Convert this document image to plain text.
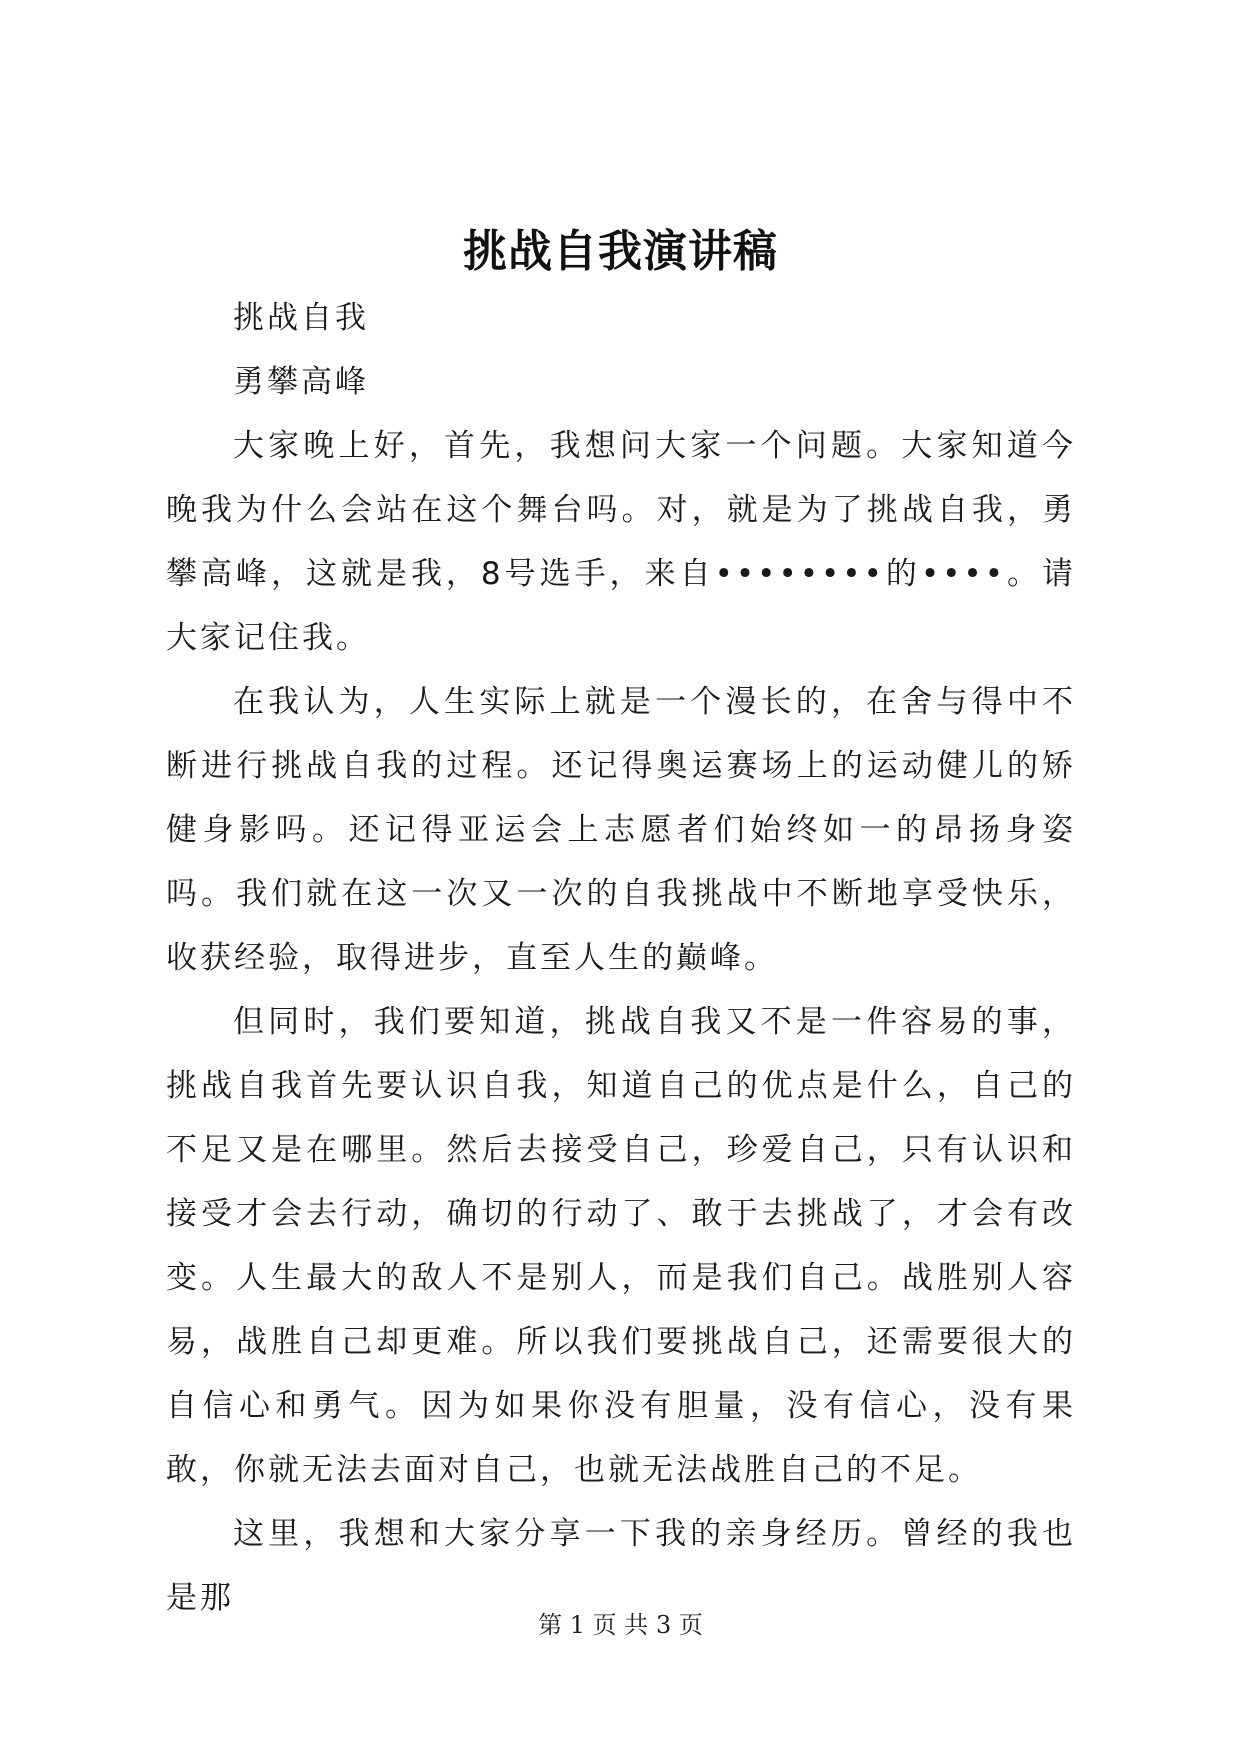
挑战自我演讲稿

挑战自我

勇攀高峰

大家晚上好，首先，我想问大家一个问题。大家知道今晚我为什么会站在这个舞台吗。对，就是为了挑战自我，勇攀高峰，这就是我，8号选手，来自••••••••的••••。请大家记住我。

在我认为，人生实际上就是一个漫长的，在舍与得中不断进行挑战自我的过程。还记得奥运赛场上的运动健儿的矫健身影吗。还记得亚运会上志愿者们始终如一的昂扬身姿吗。我们就在这一次又一次的自我挑战中不断地享受快乐，收获经验，取得进步，直至人生的巅峰。

但同时，我们要知道，挑战自我又不是一件容易的事，挑战自我首先要认识自我，知道自己的优点是什么，自己的不足又是在哪里。然后去接受自己，珍爱自己，只有认识和接受才会去行动，确切的行动了、敢于去挑战了，才会有改变。人生最大的敌人不是别人，而是我们自己。战胜别人容易，战胜自己却更难。所以我们要挑战自己，还需要很大的自信心和勇气。因为如果你没有胆量，没有信心，没有果敢，你就无法去面对自己，也就无法战胜自己的不足。

这里，我想和大家分享一下我的亲身经历。曾经的我也是那

第 1 页 共 3 页
